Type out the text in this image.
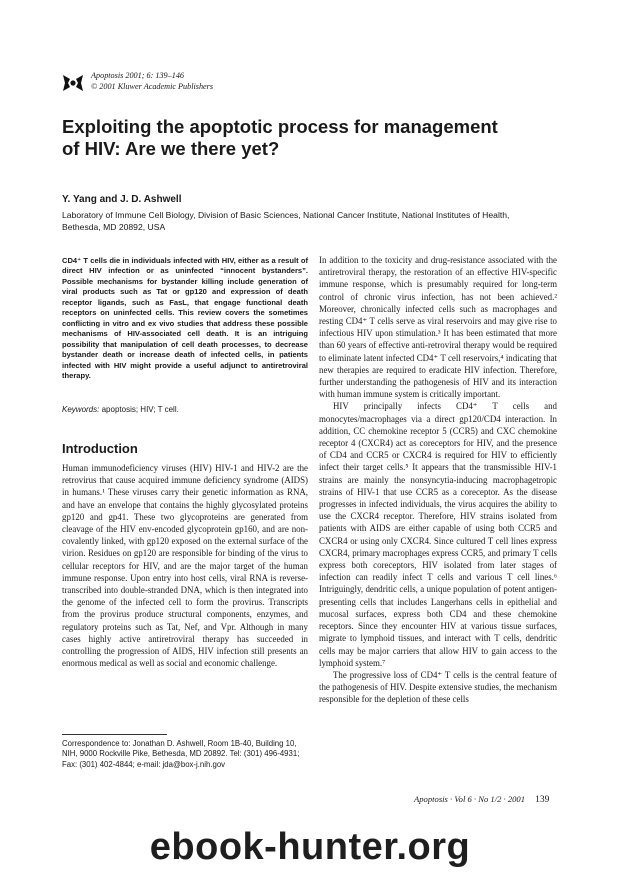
Apoptosis 2001; 6: 139–146
© 2001 Kluwer Academic Publishers
Exploiting the apoptotic process for management of HIV: Are we there yet?
Y. Yang and J. D. Ashwell
Laboratory of Immune Cell Biology, Division of Basic Sciences, National Cancer Institute, National Institutes of Health, Bethesda, MD 20892, USA
CD4⁺ T cells die in individuals infected with HIV, either as a result of direct HIV infection or as uninfected “innocent bystanders”. Possible mechanisms for bystander killing include generation of viral products such as Tat or gp120 and expression of death receptor ligands, such as FasL, that engage functional death receptors on uninfected cells. This review covers the sometimes conflicting in vitro and ex vivo studies that address these possible mechanisms of HIV-associated cell death. It is an intriguing possibility that manipulation of cell death processes, to decrease bystander death or increase death of infected cells, in patients infected with HIV might provide a useful adjunct to antiretroviral therapy.
Keywords: apoptosis; HIV; T cell.
Introduction
Human immunodeficiency viruses (HIV) HIV-1 and HIV-2 are the retrovirus that cause acquired immune deficiency syndrome (AIDS) in humans.¹ These viruses carry their genetic information as RNA, and have an envelope that contains the highly glycosylated proteins gp120 and gp41. These two glycoproteins are generated from cleavage of the HIV env-encoded glycoprotein gp160, and are non-covalently linked, with gp120 exposed on the external surface of the virion. Residues on gp120 are responsible for binding of the virus to cellular receptors for HIV, and are the major target of the human immune response. Upon entry into host cells, viral RNA is reverse-transcribed into double-stranded DNA, which is then integrated into the genome of the infected cell to form the provirus. Transcripts from the provirus produce structural components, enzymes, and regulatory proteins such as Tat, Nef, and Vpr. Although in many cases highly active antiretroviral therapy has succeeded in controlling the progression of AIDS, HIV infection still presents an enormous medical as well as social and economic challenge.
Correspondence to: Jonathan D. Ashwell, Room 1B-40, Building 10, NIH, 9000 Rockville Pike, Bethesda, MD 20892. Tel: (301) 496-4931; Fax: (301) 402-4844; e-mail: jda@box-j.nih.gov

In addition to the toxicity and drug-resistance associated with the antiretroviral therapy, the restoration of an effective HIV-specific immune response, which is presumably required for long-term control of chronic virus infection, has not been achieved.² Moreover, chronically infected cells such as macrophages and resting CD4⁺ T cells serve as viral reservoirs and may give rise to infectious HIV upon stimulation.³ It has been estimated that more than 60 years of effective anti-retroviral therapy would be required to eliminate latent infected CD4⁺ T cell reservoirs,⁴ indicating that new therapies are required to eradicate HIV infection. Therefore, further understanding the pathogenesis of HIV and its interaction with human immune system is critically important.

HIV principally infects CD4⁺ T cells and monocytes/macrophages via a direct gp120/CD4 interaction. In addition, CC chemokine receptor 5 (CCR5) and CXC chemokine receptor 4 (CXCR4) act as coreceptors for HIV, and the presence of CD4 and CCR5 or CXCR4 is required for HIV to efficiently infect their target cells.⁵ It appears that the transmissible HIV-1 strains are mainly the nonsyncytia-inducing macrophagetropic strains of HIV-1 that use CCR5 as a coreceptor. As the disease progresses in infected individuals, the virus acquires the ability to use the CXCR4 receptor. Therefore, HIV strains isolated from patients with AIDS are either capable of using both CCR5 and CXCR4 or using only CXCR4. Since cultured T cell lines express CXCR4, primary macrophages express CCR5, and primary T cells express both coreceptors, HIV isolated from later stages of infection can readily infect T cells and various T cell lines.⁶ Intriguingly, dendritic cells, a unique population of potent antigen-presenting cells that includes Langerhans cells in epithelial and mucosal surfaces, express both CD4 and these chemokine receptors. Since they encounter HIV at various tissue surfaces, migrate to lymphoid tissues, and interact with T cells, dendritic cells may be major carriers that allow HIV to gain access to the lymphoid system.⁷

The progressive loss of CD4⁺ T cells is the central feature of the pathogenesis of HIV. Despite extensive studies, the mechanism responsible for the depletion of these cells

Apoptosis · Vol 6 · No 1/2 · 2001 139
ebook-hunter.org
